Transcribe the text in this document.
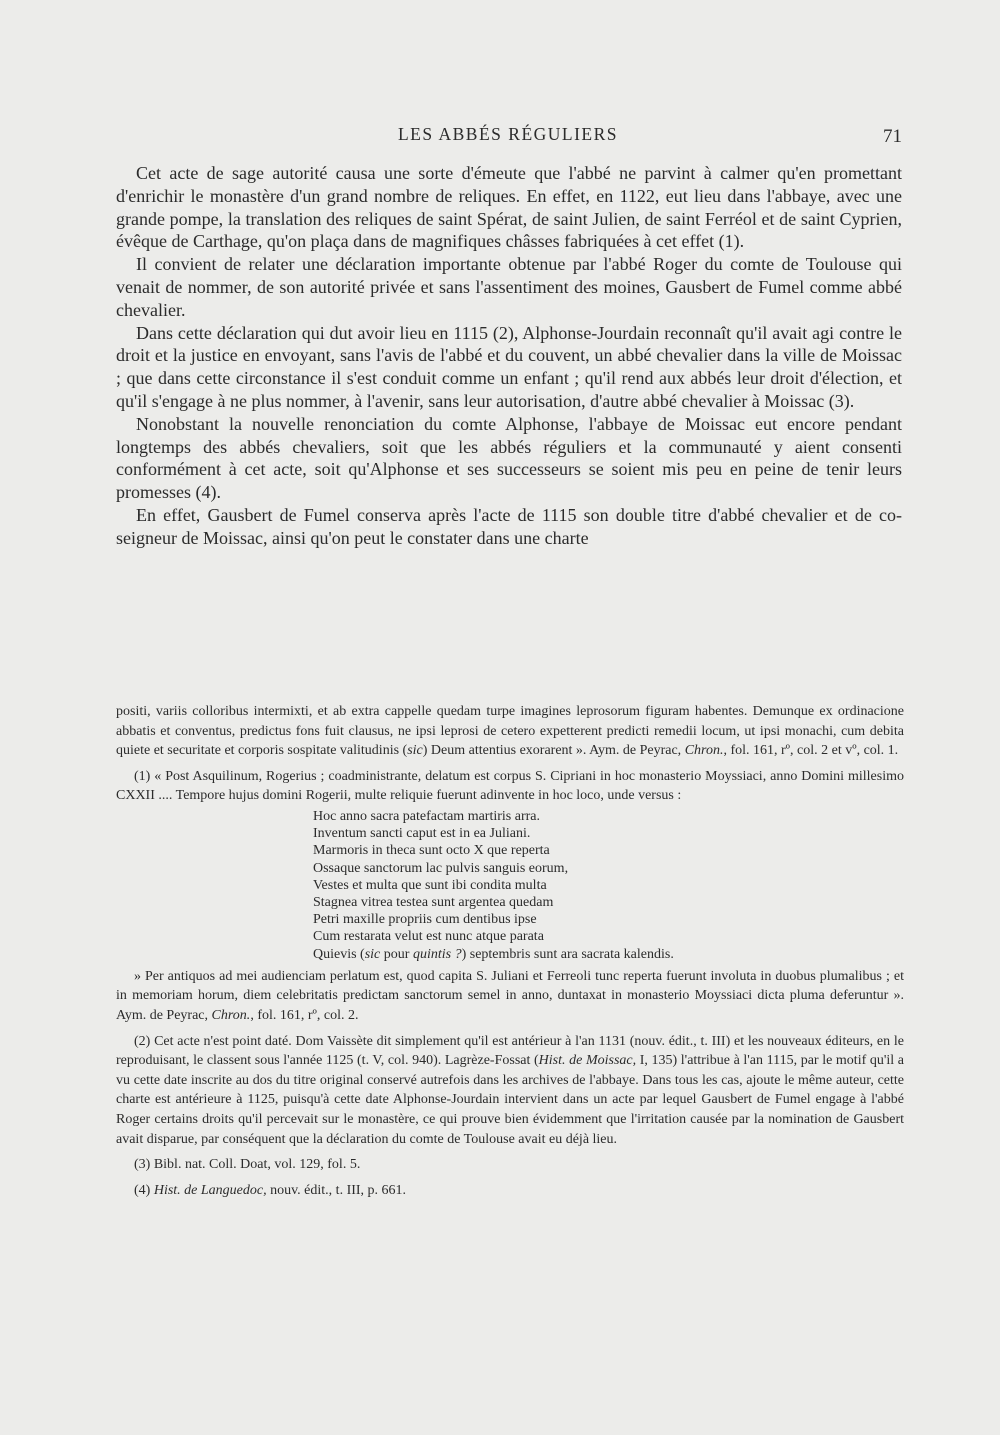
LES ABBÉS RÉGULIERS	71

Cet acte de sage autorité causa une sorte d'émeute que l'abbé ne parvint à calmer qu'en promettant d'enrichir le monastère d'un grand nombre de reliques. En effet, en 1122, eut lieu dans l'abbaye, avec une grande pompe, la translation des reliques de saint Spérat, de saint Julien, de saint Ferréol et de saint Cyprien, évêque de Carthage, qu'on plaça dans de magnifiques châsses fabriquées à cet effet (1).

Il convient de relater une déclaration importante obtenue par l'abbé Roger du comte de Toulouse qui venait de nommer, de son autorité privée et sans l'assentiment des moines, Gausbert de Fumel comme abbé chevalier.

Dans cette déclaration qui dut avoir lieu en 1115 (2), Alphonse-Jourdain reconnaît qu'il avait agi contre le droit et la justice en envoyant, sans l'avis de l'abbé et du couvent, un abbé chevalier dans la ville de Moissac ; que dans cette circonstance il s'est conduit comme un enfant ; qu'il rend aux abbés leur droit d'élection, et qu'il s'engage à ne plus nommer, à l'avenir, sans leur autorisation, d'autre abbé chevalier à Moissac (3).

Nonobstant la nouvelle renonciation du comte Alphonse, l'abbaye de Moissac eut encore pendant longtemps des abbés chevaliers, soit que les abbés réguliers et la communauté y aient consenti conformément à cet acte, soit qu'Alphonse et ses successeurs se soient mis peu en peine de tenir leurs promesses (4).

En effet, Gausbert de Fumel conserva après l'acte de 1115 son double titre d'abbé chevalier et de co-seigneur de Moissac, ainsi qu'on peut le constater dans une charte

positi, variis colloribus intermixti, et ab extra cappelle quedam turpe imagines leprosorum figuram habentes. Demunque ex ordinacione abbatis et conventus, predictus fons fuit clausus, ne ipsi leprosi de cetero expetterent predicti remedii locum, ut ipsi monachi, cum debita quiete et securitate et corporis sospitate valitudinis (sic) Deum attentius exorarent ». Aym. de Peyrac, Chron., fol. 161, rº, col. 2 et vº, col. 1.

(1) « Post Asquilinum, Rogerius ; coadministrante, delatum est corpus S. Cipriani in hoc monasterio Moyssiaci, anno Domini millesimo CXXII .... Tempore hujus domini Rogerii, multe reliquie fuerunt adinvente in hoc loco, unde versus :

Hoc anno sacra patefactam martiris arra.
Inventum sancti caput est in ea Juliani.
Marmoris in theca sunt octo X que reperta
Ossaque sanctorum lac pulvis sanguis eorum,
Vestes et multa que sunt ibi condita multa
Stagnea vitrea testea sunt argentea quedam
Petri maxille propriis cum dentibus ipse
Cum restarata velut est nunc atque parata
Quievis (sic pour quintis ?) septembris sunt ara sacrata kalendis.

» Per antiquos ad mei audienciam perlatum est, quod capita S. Juliani et Ferreoli tunc reperta fuerunt involuta in duobus plumalibus ; et in memoriam horum, diem celebritatis predictam sanctorum semel in anno, duntaxat in monasterio Moyssiaci dicta pluma deferuntur ». Aym. de Peyrac, Chron., fol. 161, rº, col. 2.

(2) Cet acte n'est point daté. Dom Vaissète dit simplement qu'il est antérieur à l'an 1131 (nouv. édit., t. III) et les nouveaux éditeurs, en le reproduisant, le classent sous l'année 1125 (t. V, col. 940). Lagrèze-Fossat (Hist. de Moissac, I, 135) l'attribue à l'an 1115, par le motif qu'il a vu cette date inscrite au dos du titre original conservé autrefois dans les archives de l'abbaye. Dans tous les cas, ajoute le même auteur, cette charte est antérieure à 1125, puisqu'à cette date Alphonse-Jourdain intervient dans un acte par lequel Gausbert de Fumel engage à l'abbé Roger certains droits qu'il percevait sur le monastère, ce qui prouve bien évidemment que l'irritation causée par la nomination de Gausbert avait disparue, par conséquent que la déclaration du comte de Toulouse avait eu déjà lieu.

(3) Bibl. nat. Coll. Doat, vol. 129, fol. 5.

(4) Hist. de Languedoc, nouv. édit., t. III, p. 661.
